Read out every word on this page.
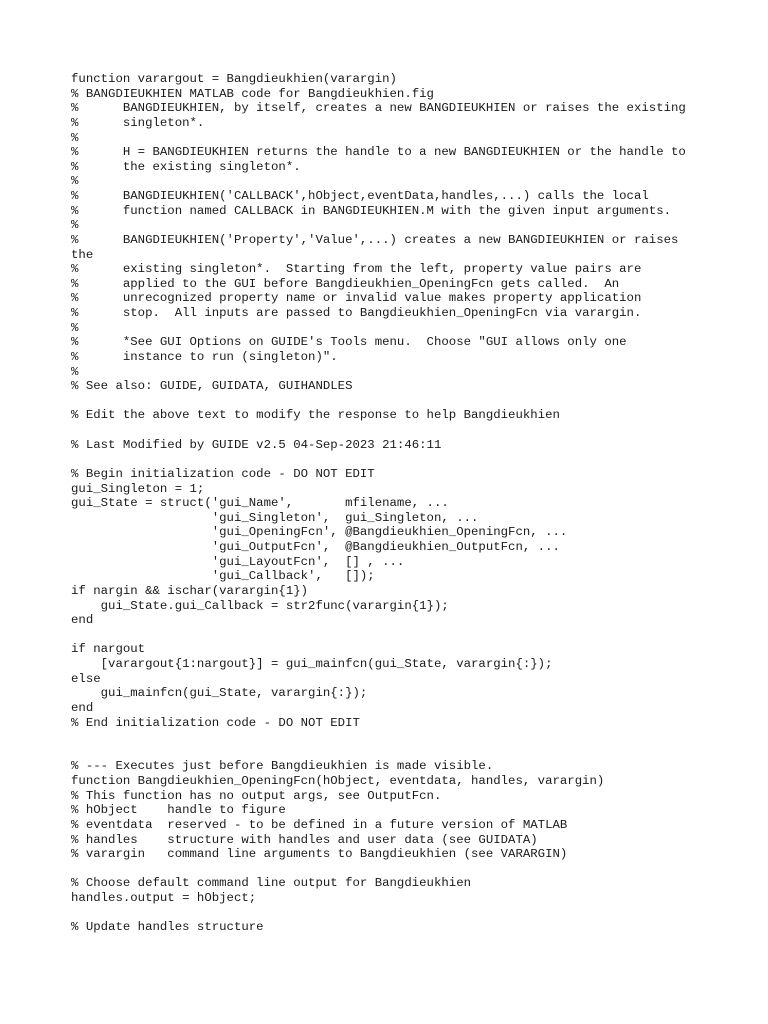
function varargout = Bangdieukhien(varargin)
% BANGDIEUKHIEN MATLAB code for Bangdieukhien.fig
%      BANGDIEUKHIEN, by itself, creates a new BANGDIEUKHIEN or raises the existing
%      singleton*.
%
%      H = BANGDIEUKHIEN returns the handle to a new BANGDIEUKHIEN or the handle to
%      the existing singleton*.
%
%      BANGDIEUKHIEN('CALLBACK',hObject,eventData,handles,...) calls the local
%      function named CALLBACK in BANGDIEUKHIEN.M with the given input arguments.
%
%      BANGDIEUKHIEN('Property','Value',...) creates a new BANGDIEUKHIEN or raises
the
%      existing singleton*.  Starting from the left, property value pairs are
%      applied to the GUI before Bangdieukhien_OpeningFcn gets called.  An
%      unrecognized property name or invalid value makes property application
%      stop.  All inputs are passed to Bangdieukhien_OpeningFcn via varargin.
%
%      *See GUI Options on GUIDE's Tools menu.  Choose "GUI allows only one
%      instance to run (singleton)".
%
% See also: GUIDE, GUIDATA, GUIHANDLES
% Edit the above text to modify the response to help Bangdieukhien
% Last Modified by GUIDE v2.5 04-Sep-2023 21:46:11
% Begin initialization code - DO NOT EDIT
gui_Singleton = 1;
gui_State = struct('gui_Name',       mfilename, ...
'gui_Singleton',  gui_Singleton, ...
'gui_OpeningFcn', @Bangdieukhien_OpeningFcn, ...
'gui_OutputFcn',  @Bangdieukhien_OutputFcn, ...
'gui_LayoutFcn',  [] , ...
'gui_Callback',   []);
if nargin && ischar(varargin{1})
gui_State.gui_Callback = str2func(varargin{1});
end
if nargout
[varargout{1:nargout}] = gui_mainfcn(gui_State, varargin{:});
else
gui_mainfcn(gui_State, varargin{:});
end
% End initialization code - DO NOT EDIT
% --- Executes just before Bangdieukhien is made visible.
function Bangdieukhien_OpeningFcn(hObject, eventdata, handles, varargin)
% This function has no output args, see OutputFcn.
% hObject    handle to figure
% eventdata  reserved - to be defined in a future version of MATLAB
% handles    structure with handles and user data (see GUIDATA)
% varargin   command line arguments to Bangdieukhien (see VARARGIN)
% Choose default command line output for Bangdieukhien
handles.output = hObject;
% Update handles structure
